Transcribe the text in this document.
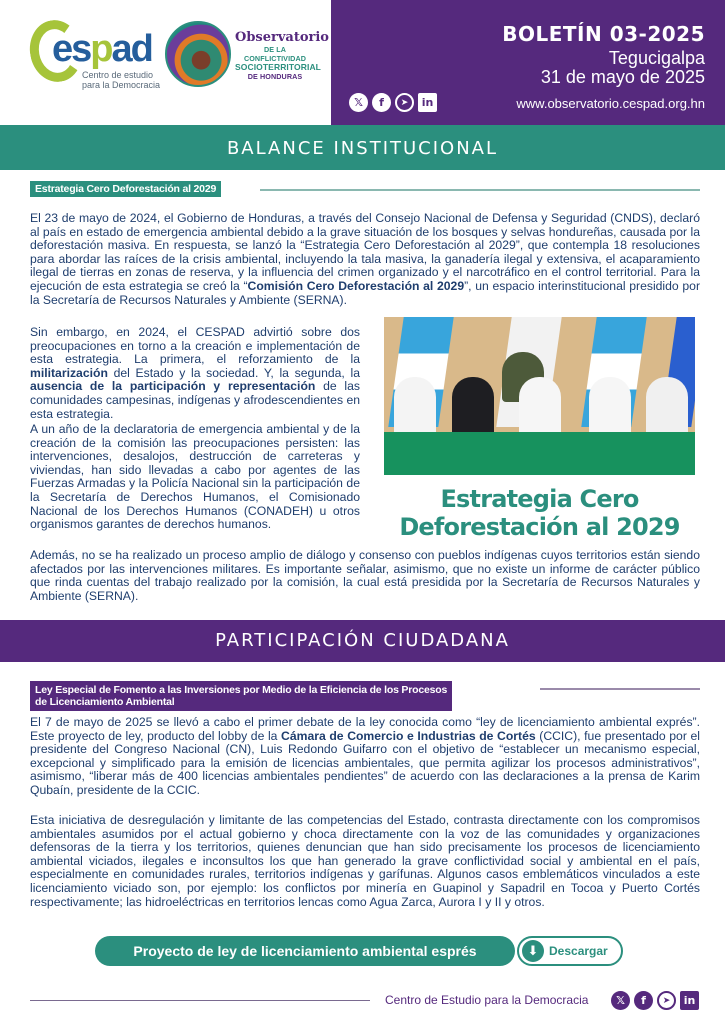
espad
Centro de estudio
para la Democracia
Observatorio
DE LA CONFLICTIVIDAD
SOCIOTERRITORIAL
DE HONDURAS
BOLETÍN 03-2025
Tegucigalpa
31 de mayo de 2025
𝕏	f	➤	in	www.observatorio.cespad.org.hn
BALANCE INSTITUCIONAL
Estrategia Cero Deforestación al 2029
El 23 de mayo de 2024, el Gobierno de Honduras, a través del Consejo Nacional de Defensa y Seguridad (CNDS), declaró al país en estado de emergencia ambiental debido a la grave situación de los bosques y selvas hondureñas, causada por la deforestación masiva. En respuesta, se lanzó la “Estrategia Cero Deforestación al 2029”, que contempla 18 resoluciones para abordar las raíces de la crisis ambiental, incluyendo la tala masiva, la ganadería ilegal y extensiva, el acaparamiento ilegal de tierras en zonas de reserva, y la influencia del crimen organizado y el narcotráfico en el control territorial. Para la ejecución de esta estrategia se creó la “Comisión Cero Deforestación al 2029”, un espacio interinstitucional presidido por la Secretaría de Recursos Naturales y Ambiente (SERNA).
Sin embargo, en 2024, el CESPAD advirtió sobre dos preocupaciones en torno a la creación e implementación de esta estrategia. La primera, el reforzamiento de la militarización del Estado y la sociedad. Y, la segunda, la ausencia de la participación y representación de las comunidades campesinas, indígenas y afrodescendientes en esta estrategia.
A un año de la declaratoria de emergencia ambiental y de la creación de la comisión las preocupaciones persisten: las intervenciones, desalojos, destrucción de carreteras y viviendas, han sido llevadas a cabo por agentes de las Fuerzas Armadas y la Policía Nacional sin la participación de la Secretaría de Derechos Humanos, el Comisionado Nacional de los Derechos Humanos (CONADEH) u otros organismos garantes de derechos humanos.
Estrategia Cero Deforestación al 2029
Además, no se ha realizado un proceso amplio de diálogo y consenso con pueblos indígenas cuyos territorios están siendo afectados por las intervenciones militares. Es importante señalar, asimismo, que no existe un informe de carácter público que rinda cuentas del trabajo realizado por la comisión, la cual está presidida por la Secretaría de Recursos Naturales y Ambiente (SERNA).
PARTICIPACIÓN CIUDADANA
Ley Especial de Fomento a las Inversiones por Medio de la Eficiencia de los Procesos
de Licenciamiento Ambiental
El 7 de mayo de 2025 se llevó a cabo el primer debate de la ley conocida como “ley de licenciamiento ambiental exprés”. Este proyecto de ley, producto del lobby de la Cámara de Comercio e Industrias de Cortés (CCIC), fue presentado por el presidente del Congreso Nacional (CN), Luis Redondo Guifarro con el objetivo de “establecer un mecanismo especial, excepcional y simplificado para la emisión de licencias ambientales, que permita agilizar los procesos administrativos”, asimismo, “liberar más de 400 licencias ambientales pendientes” de acuerdo con las declaraciones a la prensa de Karim Qubaín, presidente de la CCIC.
Esta iniciativa de desregulación y limitante de las competencias del Estado, contrasta directamente con los compromisos ambientales asumidos por el actual gobierno y choca directamente con la voz de las comunidades y organizaciones defensoras de la tierra y los territorios, quienes denuncian que han sido precisamente los procesos de licenciamiento ambiental viciados, ilegales e inconsultos los que han generado la grave conflictividad social y ambiental en el país, especialmente en comunidades rurales, territorios indígenas y garífunas. Algunos casos emblemáticos vinculados a este licenciamiento viciado son, por ejemplo: los conflictos por minería en Guapinol y Sapadril en Tocoa y Puerto Cortés respectivamente; las hidroeléctricas en territorios lencas como Agua Zarca, Aurora I y II y otros.
Proyecto de ley de licenciamiento ambiental esprés	⬇ Descargar
Centro de Estudio para la Democracia	𝕏	f	➤	in
